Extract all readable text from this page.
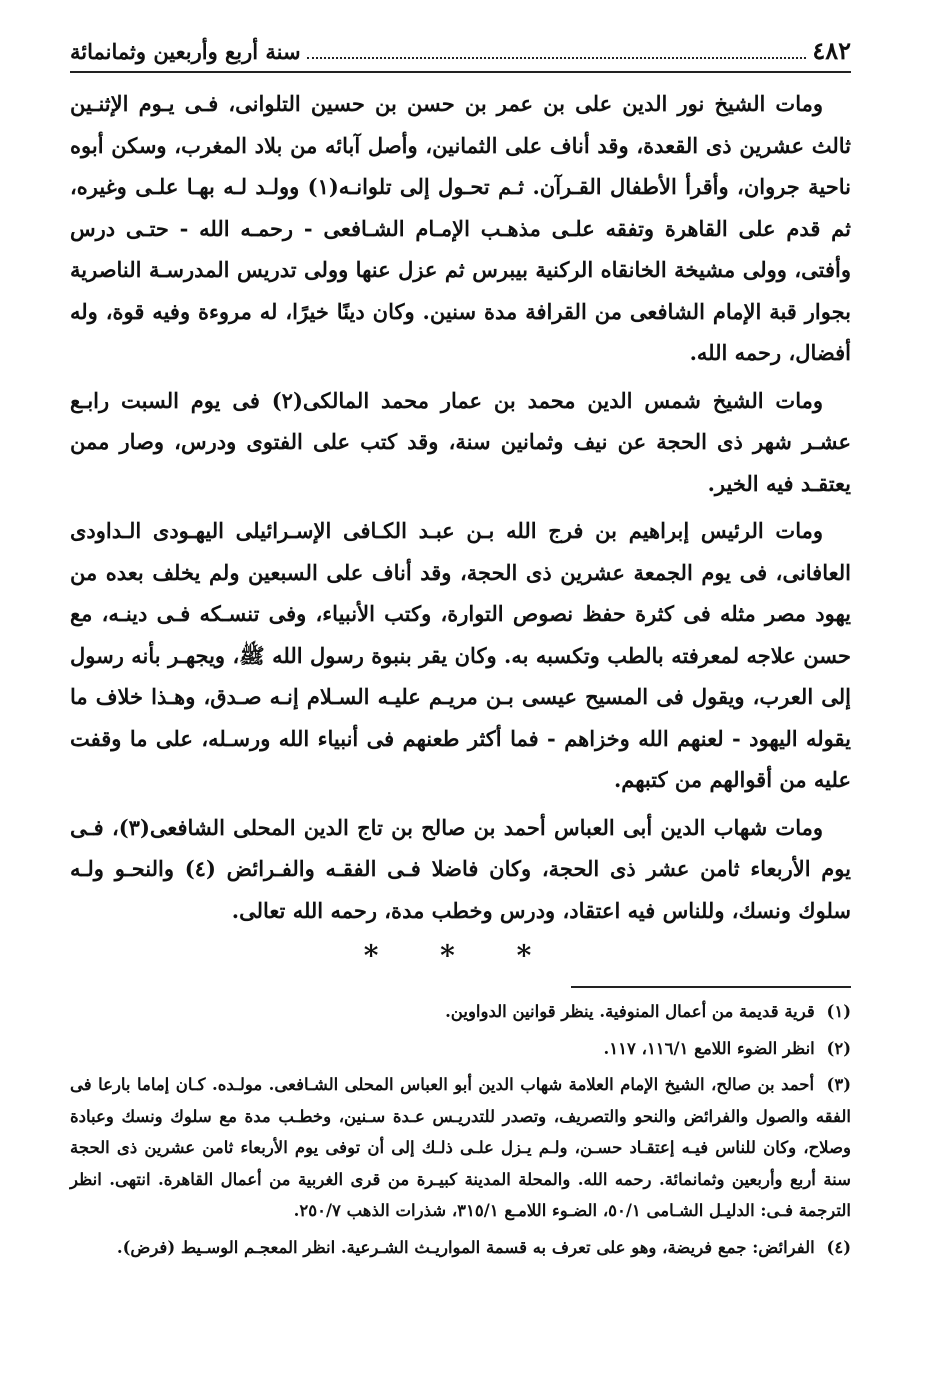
٤٨٢
سنة أربع وأربعين وثمانمائة

ومات الشيخ نور الدين على بن عمر بن حسن بن حسين التلوانى، فـى يـوم الإثنـين ثالث عشرين ذى القعدة، وقد أناف على الثمانين، وأصل آبائه من بلاد المغرب، وسكن أبوه ناحية جروان، وأقرأ الأطفال القـرآن. ثـم تحـول إلى تلوانـه(١) وولـد لـه بهـا علـى وغيره، ثم قدم على القاهرة وتفقه علـى مذهـب الإمـام الشـافعى - رحمـه الله - حتـى درس وأفتى، وولى مشيخة الخانقاه الركنية بيبرس ثم عزل عنها وولى تدريس المدرسـة الناصرية بجوار قبة الإمام الشافعى من القرافة مدة سنين. وكان دينًا خيرًا، له مروءة وفيه قوة، وله أفضال، رحمه الله.

ومات الشيخ شمس الدين محمد بن عمار محمد المالكى(٢) فى يوم السبت رابـع عشـر شهر ذى الحجة عن نيف وثمانين سنة، وقد كتب على الفتوى ودرس، وصار ممن يعتقـد فيه الخير.

ومات الرئيس إبراهيم بن فرج الله بـن عبـد الكـافى الإسـرائيلى اليهـودى الـداودى العافانى، فى يوم الجمعة عشرين ذى الحجة، وقد أناف على السبعين ولم يخلف بعده من يهود مصر مثله فى كثرة حفظ نصوص التوارة، وكتب الأنبياء، وفى تنسـكه فـى دينـه، مع حسن علاجه لمعرفته بالطب وتكسبه به. وكان يقر بنبوة رسول الله ﷺ، ويجهـر بأنه رسول إلى العرب، ويقول فى المسيح عيسى بـن مريـم عليـه السـلام إنـه صـدق، وهـذا خلاف ما يقوله اليهود - لعنهم الله وخزاهم - فما أكثر طعنهم فى أنبياء الله ورسـله، على ما وقفت عليه من أقوالهم من كتبهم.

ومات شهاب الدين أبى العباس أحمد بن صالح بن تاج الدين المحلى الشافعى(٣)، فـى يوم الأربعاء ثامن عشر ذى الحجة، وكان فاضلا فـى الفقـه والفـرائض (٤) والنحـو ولـه سلوك ونسك، وللناس فيه اعتقاد، ودرس وخطب مدة، رحمه الله تعالى.

* * *

(١) قرية قديمة من أعمال المنوفية. ينظر قوانين الدواوين.

(٢) انظر الضوء اللامع ١١٦/١، ١١٧.

(٣) أحمد بن صالح، الشيخ الإمام العلامة شهاب الدين أبو العباس المحلى الشـافعى. مولـده. كـان إماما بارعا فى الفقه والصول والفرائض والنحو والتصريف، وتصدر للتدريـس عـدة سـنين، وخطـب مدة مع سلوك ونسك وعبادة وصلاح، وكان للناس فيـه إعتقـاد حسـن، ولـم يـزل علـى ذلـك إلى أن توفى يوم الأربعاء ثامن عشرين ذى الحجة سنة أربع وأربعين وثمانمائة. رحمه الله. والمحلة المدينة كبيـرة من قرى الغربية من أعمال القاهرة. انتهى. انظر الترجمة فـى: الدليـل الشـامى ٥٠/١، الضـوء اللامـع ٣١٥/١، شذرات الذهب ٢٥٠/٧.

(٤) الفرائض: جمع فريضة، وهو على تعرف به قسمة المواريـث الشـرعية. انظر المعجـم الوسـيط (فرض).
